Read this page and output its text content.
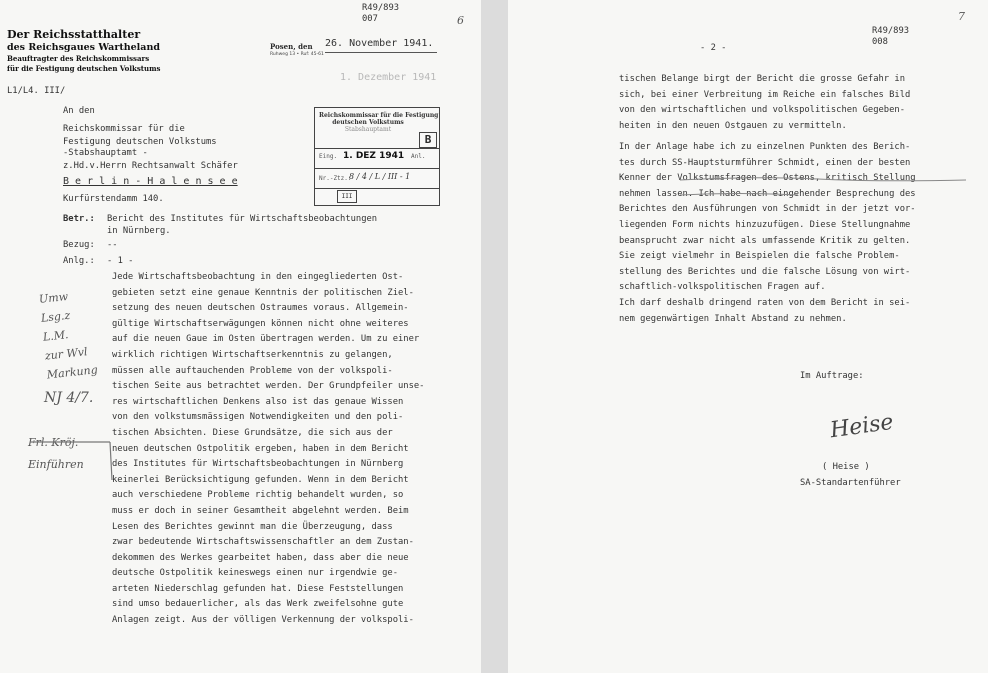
R49/893
007	6
Der Reichsstatthalter
des Reichsgaues Wartheland
Beauftragter des Reichskommissars
für die Festigung deutschen Volkstums
L1/L4. III/
Posen, den 26. November 1941.
Ruhweg 13 • Ruf: 45-61
1. Dezember 1941
An den
Reichskommissar für die
Festigung deutschen Volkstums
-Stabshauptamt -
z.Hd.v.Herrn Rechtsanwalt Schäfer
B e r l i n - H a l e n s e e
Kurfürstendamm 140.
Reichskommissar für die Festigung
deutschen Volkstums
Stabshauptamt
B
Eing. 1. DEZ 1941 Anl.
Nr.-Ztz.:
8 / 4 / L / III - 1
III
Betr.: Bericht des Institutes für Wirtschaftsbeobachtungen
in Nürnberg.
Bezug: --
Anlg.: - 1 -
Jede Wirtschaftsbeobachtung in den eingegliederten Ost-
gebieten setzt eine genaue Kenntnis der politischen Ziel-
setzung des neuen deutschen Ostraumes voraus. Allgemein-
gültige Wirtschaftserwägungen können nicht ohne weiteres
auf die neuen Gaue im Osten übertragen werden. Um zu einer
wirklich richtigen Wirtschaftserkenntnis zu gelangen,
müssen alle auftauchenden Probleme von der volkspoli-
tischen Seite aus betrachtet werden. Der Grundpfeiler unse-
res wirtschaftlichen Denkens also ist das genaue Wissen
von den volkstumsmässigen Notwendigkeiten und den poli-
tischen Absichten. Diese Grundsätze, die sich aus der
neuen deutschen Ostpolitik ergeben, haben in dem Bericht
des Institutes für Wirtschaftsbeobachtungen in Nürnberg
keinerlei Berücksichtigung gefunden. Wenn in dem Bericht
auch verschiedene Probleme richtig behandelt wurden, so
muss er doch in seiner Gesamtheit abgelehnt werden. Beim
Lesen des Berichtes gewinnt man die Überzeugung, dass
zwar bedeutende Wirtschaftswissenschaftler an dem Zustan-
dekommen des Werkes gearbeitet haben, dass aber die neue
deutsche Ostpolitik keineswegs einen nur irgendwie ge-
arteten Niederschlag gefunden hat. Diese Feststellungen
sind umso bedauerlicher, als das Werk zweifelsohne gute
Anlagen zeigt. Aus der völligen Verkennung der volkspoli-
Umw
Lsg.z
L.M.
zur Wvl
Markung
NJ 4/7.
Frl. Kröj.
Einführen
7
R49/893
008
- 2 -
tischen Belange birgt der Bericht die grosse Gefahr in
sich, bei einer Verbreitung im Reiche ein falsches Bild
von den wirtschaftlichen und volkspolitischen Gegeben-
heiten in den neuen Ostgauen zu vermitteln.
In der Anlage habe ich zu einzelnen Punkten des Berich-
tes durch SS-Hauptsturmführer Schmidt, einen der besten
Kenner der Volkstumsfragen des Ostens, kritisch Stellung
nehmen lassen. Ich habe nach eingehender Besprechung des
Berichtes den Ausführungen von Schmidt in der jetzt vor-
liegenden Form nichts hinzuzufügen. Diese Stellungnahme
beansprucht zwar nicht als umfassende Kritik zu gelten.
Sie zeigt vielmehr in Beispielen die falsche Problem-
stellung des Berichtes und die falsche Lösung von wirt-
schaftlich-volkspolitischen Fragen auf.
Ich darf deshalb dringend raten von dem Bericht in sei-
nem gegenwärtigen Inhalt Abstand zu nehmen.
Im Auftrage:
Heise
( Heise )
SA-Standartenführer
